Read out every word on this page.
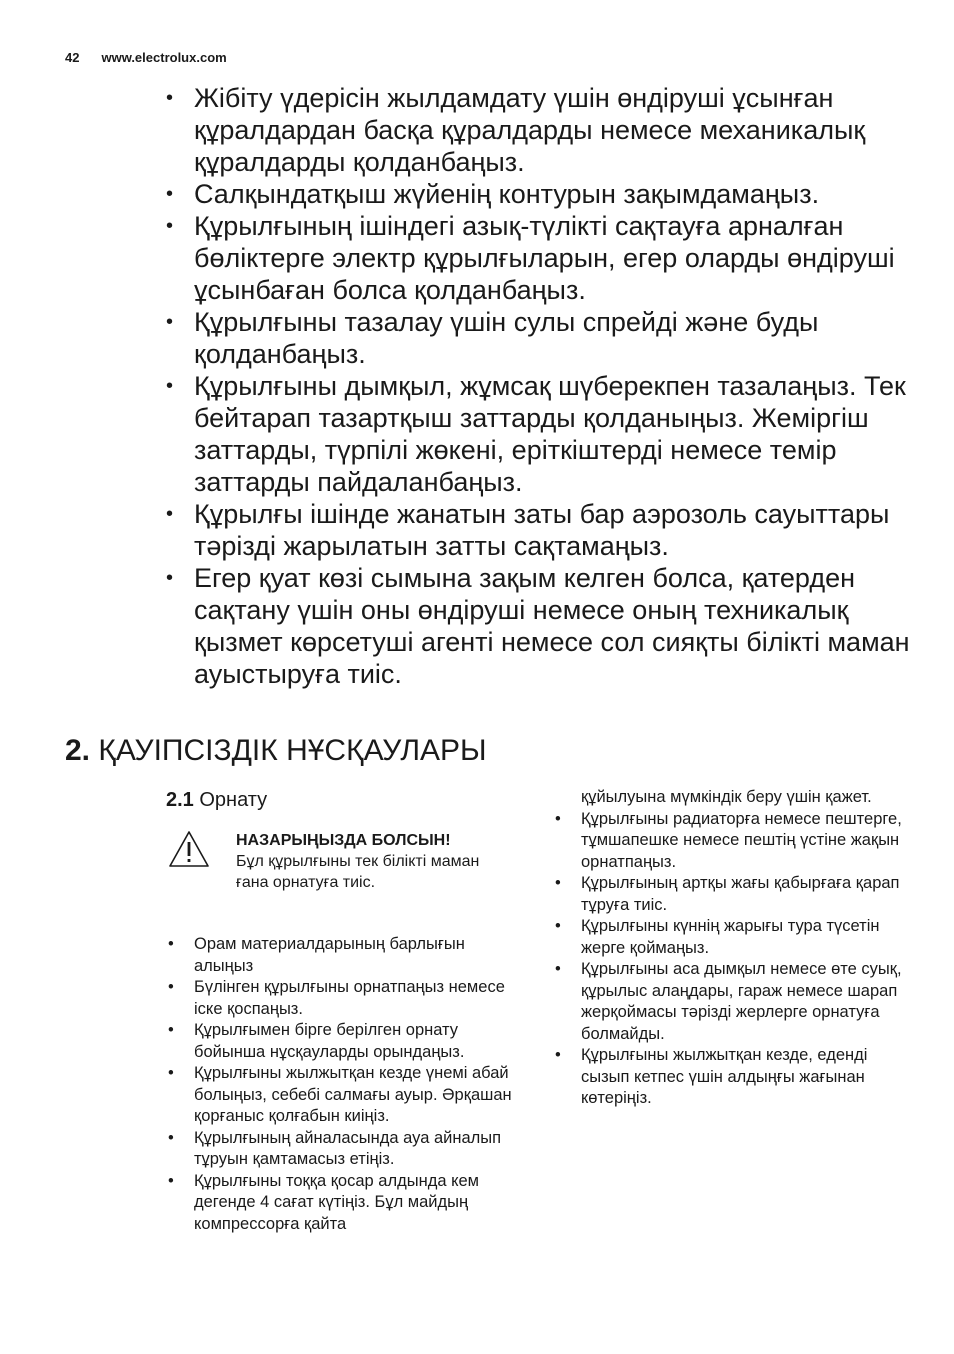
42 www.electrolux.com
• Жібіту үдерісін жылдамдату үшін өндіруші ұсынған құралдардан басқа құралдарды немесе механикалық құралдарды қолданбаңыз.
• Салқындатқыш жүйенің контурын зақымдамаңыз.
• Құрылғының ішіндегі азық-түлікті сақтауға арналған бөліктерге электр құрылғыларын, егер оларды өндіруші ұсынбаған болса қолданбаңыз.
• Құрылғыны тазалау үшін сулы спрейді және буды қолданбаңыз.
• Құрылғыны дымқыл, жұмсақ шүберекпен тазалаңыз. Тек бейтарап тазартқыш заттарды қолданыңыз. Жеміргіш заттарды, түрпілі жөкені, еріткіштерді немесе темір заттарды пайдаланбаңыз.
• Құрылғы ішінде жанатын заты бар аэрозоль сауыттары тәрізді жарылатын затты сақтамаңыз.
• Егер қуат көзі сымына зақым келген болса, қатерден сақтану үшін оны өндіруші немесе оның техникалық қызмет көрсетуші агенті немесе сол сияқты білікті маман ауыстыруға тиіс.
2. ҚАУІПСІЗДІК НҰСҚАУЛАРЫ
2.1 Орнату
НАЗАРЫҢЫЗДА БОЛСЫН!
Бұл құрылғыны тек білікті маман ғана орнатуға тиіс.
• Орам материалдарының барлығын алыңыз
• Бүлінген құрылғыны орнатпаңыз немесе іске қоспаңыз.
• Құрылғымен бірге берілген орнату бойынша нұсқауларды орындаңыз.
• Құрылғыны жылжытқан кезде үнемі абай болыңыз, себебі салмағы ауыр. Әрқашан қорғаныс қолғабын киіңіз.
• Құрылғының айналасында ауа айналып тұруын қамтамасыз етіңіз.
• Құрылғыны тоққа қосар алдында кем дегенде 4 сағат күтіңіз. Бұл майдың компрессорға қайта
құйылуына мүмкіндік беру үшін қажет.
• Құрылғыны радиаторға немесе пештерге, тұмшапешке немесе пештің үстіне жақын орнатпаңыз.
• Құрылғының артқы жағы қабырғаға қарап тұруға тиіс.
• Құрылғыны күннің жарығы тура түсетін жерге қоймаңыз.
• Құрылғыны аса дымқыл немесе өте суық, құрылыс алаңдары, гараж немесе шарап жерқоймасы тәрізді жерлерге орнатуға болмайды.
• Құрылғыны жылжытқан кезде, еденді сызып кетпес үшін алдыңғы жағынан көтеріңіз.
